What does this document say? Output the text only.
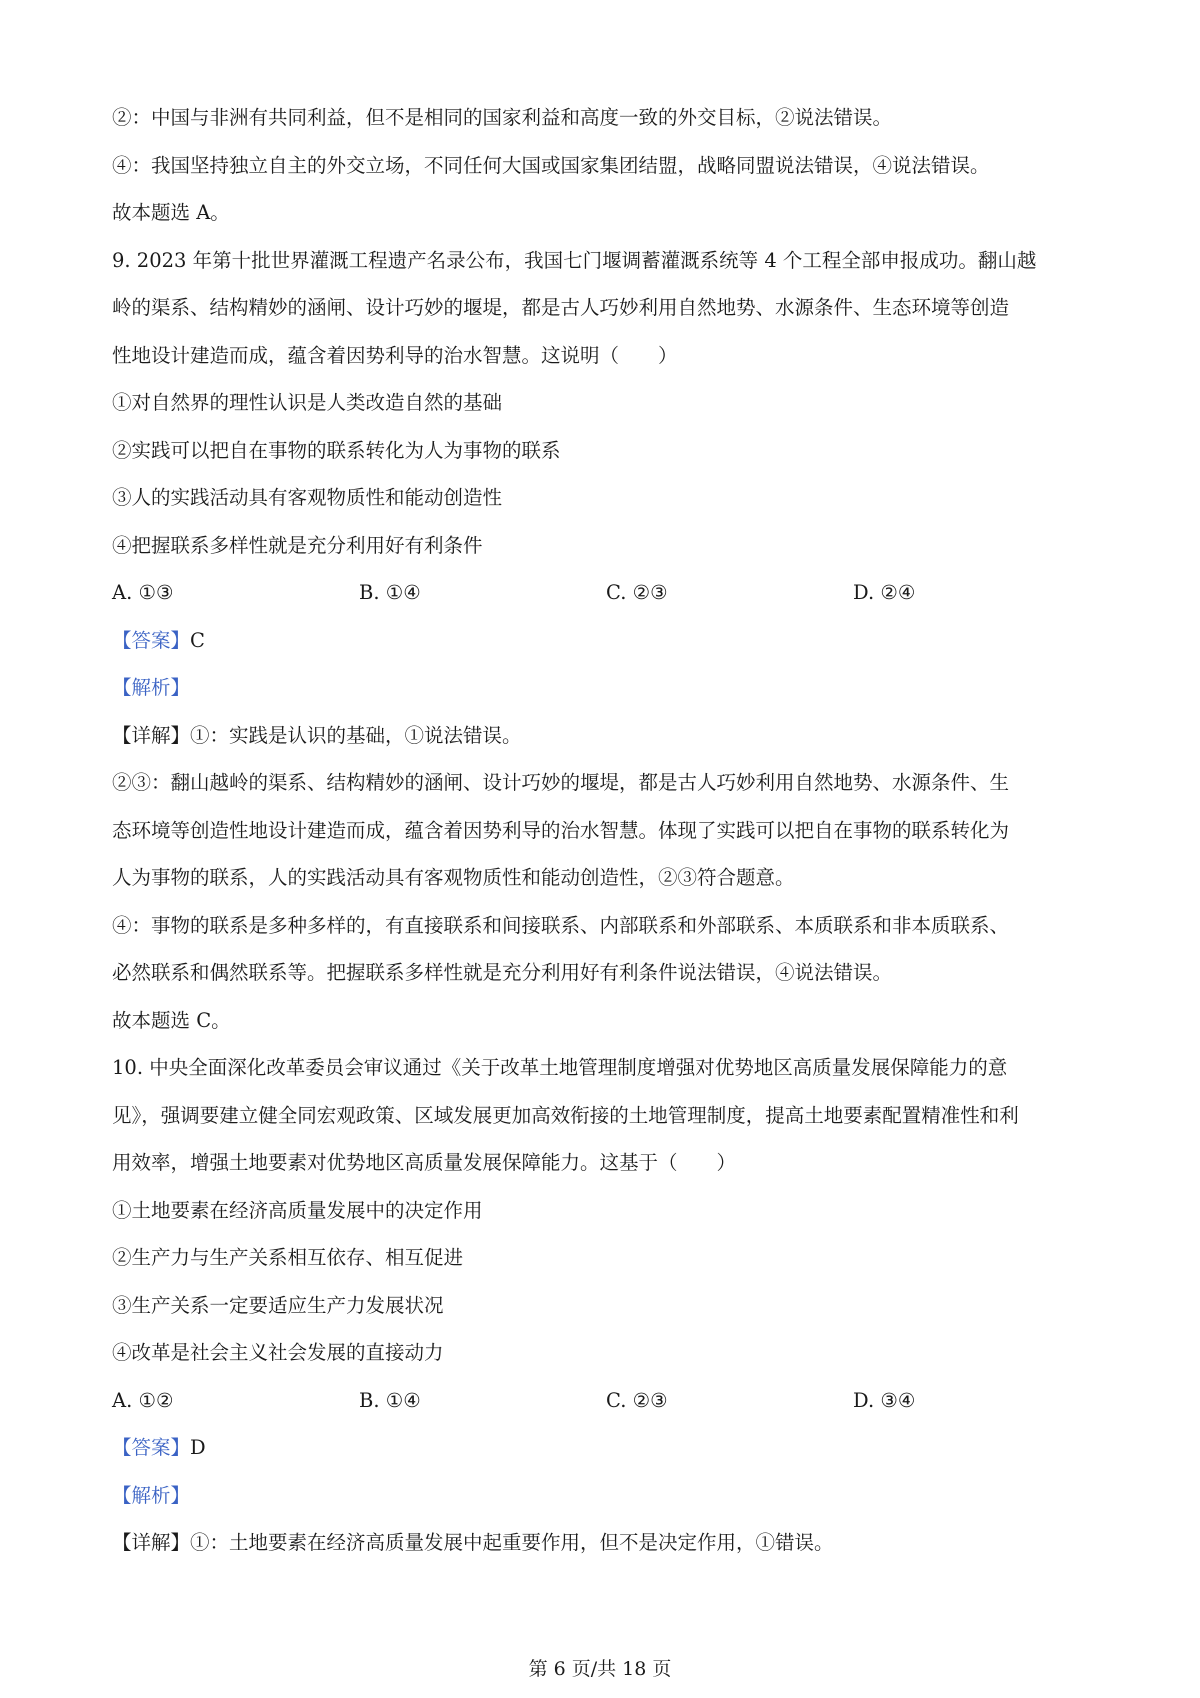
②：中国与非洲有共同利益，但不是相同的国家利益和高度一致的外交目标，②说法错误。
④：我国坚持独立自主的外交立场，不同任何大国或国家集团结盟，战略同盟说法错误，④说法错误。
故本题选 A。
9. 2023 年第十批世界灌溉工程遗产名录公布，我国七门堰调蓄灌溉系统等 4 个工程全部申报成功。翻山越
岭的渠系、结构精妙的涵闸、设计巧妙的堰堤，都是古人巧妙利用自然地势、水源条件、生态环境等创造
性地设计建造而成，蕴含着因势利导的治水智慧。这说明（　　）
①对自然界的理性认识是人类改造自然的基础
②实践可以把自在事物的联系转化为人为事物的联系
③人的实践活动具有客观物质性和能动创造性
④把握联系多样性就是充分利用好有利条件
A. ①③	B. ①④	C. ②③	D. ②④
【答案】C
【解析】
【详解】①：实践是认识的基础，①说法错误。
②③：翻山越岭的渠系、结构精妙的涵闸、设计巧妙的堰堤，都是古人巧妙利用自然地势、水源条件、生
态环境等创造性地设计建造而成，蕴含着因势利导的治水智慧。体现了实践可以把自在事物的联系转化为
人为事物的联系，人的实践活动具有客观物质性和能动创造性，②③符合题意。
④：事物的联系是多种多样的，有直接联系和间接联系、内部联系和外部联系、本质联系和非本质联系、
必然联系和偶然联系等。把握联系多样性就是充分利用好有利条件说法错误，④说法错误。
故本题选 C。
10. 中央全面深化改革委员会审议通过《关于改革土地管理制度增强对优势地区高质量发展保障能力的意
见》，强调要建立健全同宏观政策、区域发展更加高效衔接的土地管理制度，提高土地要素配置精准性和利
用效率，增强土地要素对优势地区高质量发展保障能力。这基于（　　）
①土地要素在经济高质量发展中的决定作用
②生产力与生产关系相互依存、相互促进
③生产关系一定要适应生产力发展状况
④改革是社会主义社会发展的直接动力
A. ①②	B. ①④	C. ②③	D. ③④
【答案】D
【解析】
【详解】①：土地要素在经济高质量发展中起重要作用，但不是决定作用，①错误。
第 6 页/共 18 页
